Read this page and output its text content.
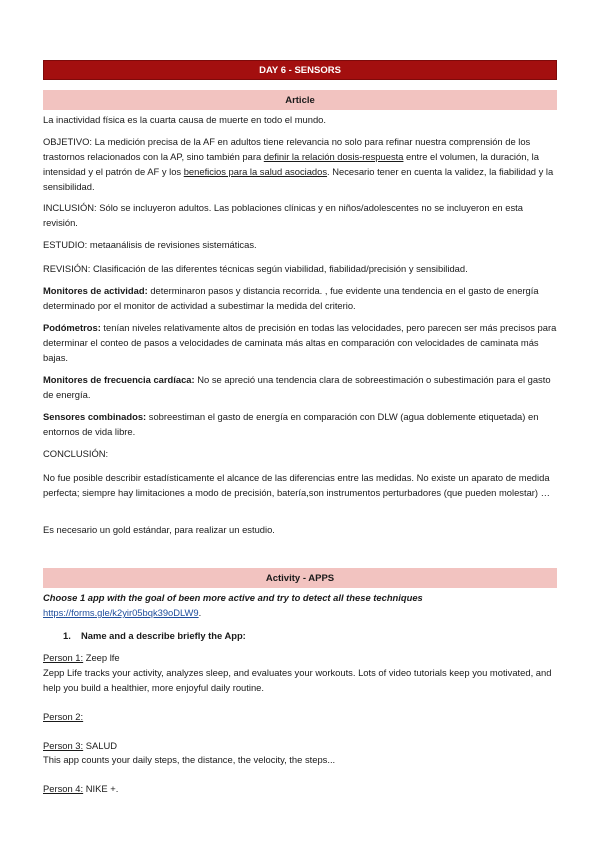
DAY 6 - SENSORS
Article

La inactividad física es la cuarta causa de muerte en todo el mundo.

OBJETIVO: La medición precisa de la AF en adultos tiene relevancia no solo para refinar nuestra comprensión de los trastornos relacionados con la AP, sino también para definir la relación dosis-respuesta entre el volumen, la duración, la intensidad y el patrón de AF y los beneficios para la salud asociados. Necesario tener en cuenta la validez, la fiabilidad y la sensibilidad.

INCLUSIÓN: Sólo se incluyeron adultos. Las poblaciones clínicas y en niños/adolescentes no se incluyeron en esta revisión.

ESTUDIO: metaanálisis de revisiones sistemáticas.

REVISIÓN: Clasificación de las diferentes técnicas según viabilidad, fiabilidad/precisión y sensibilidad.

Monitores de actividad: determinaron pasos y distancia recorrida. , fue evidente una tendencia en el gasto de energía determinado por el monitor de actividad a subestimar la medida del criterio.

Podómetros: tenían niveles relativamente altos de precisión en todas las velocidades, pero parecen ser más precisos para determinar el conteo de pasos a velocidades de caminata más altas en comparación con velocidades de caminata más bajas.

Monitores de frecuencia cardíaca: No se apreció una tendencia clara de sobreestimación o subestimación para el gasto de energía.

Sensores combinados: sobreestiman el gasto de energía en comparación con DLW (agua doblemente etiquetada) en entornos de vida libre.

CONCLUSIÓN:

No fue posible describir estadísticamente el alcance de las diferencias entre las medidas. No existe un aparato de medida perfecta; siempre hay limitaciones a modo de precisión, batería,son instrumentos perturbadores (que pueden molestar) …

Es necesario un gold estándar, para realizar un estudio.

Activity - APPS

Choose 1 app with the goal of been more active and try to detect all these techniques

https://forms.gle/k2yir05bqk39oDLW9.

1. Name and a describe briefly the App:

Person 1: Zeep lfe

Zepp Life tracks your activity, analyzes sleep, and evaluates your workouts. Lots of video tutorials keep you motivated, and help you build a healthier, more enjoyful daily routine.

Person 2:

Person 3: SALUD

This app counts your daily steps, the distance, the velocity, the steps...

Person 4: NIKE +.
